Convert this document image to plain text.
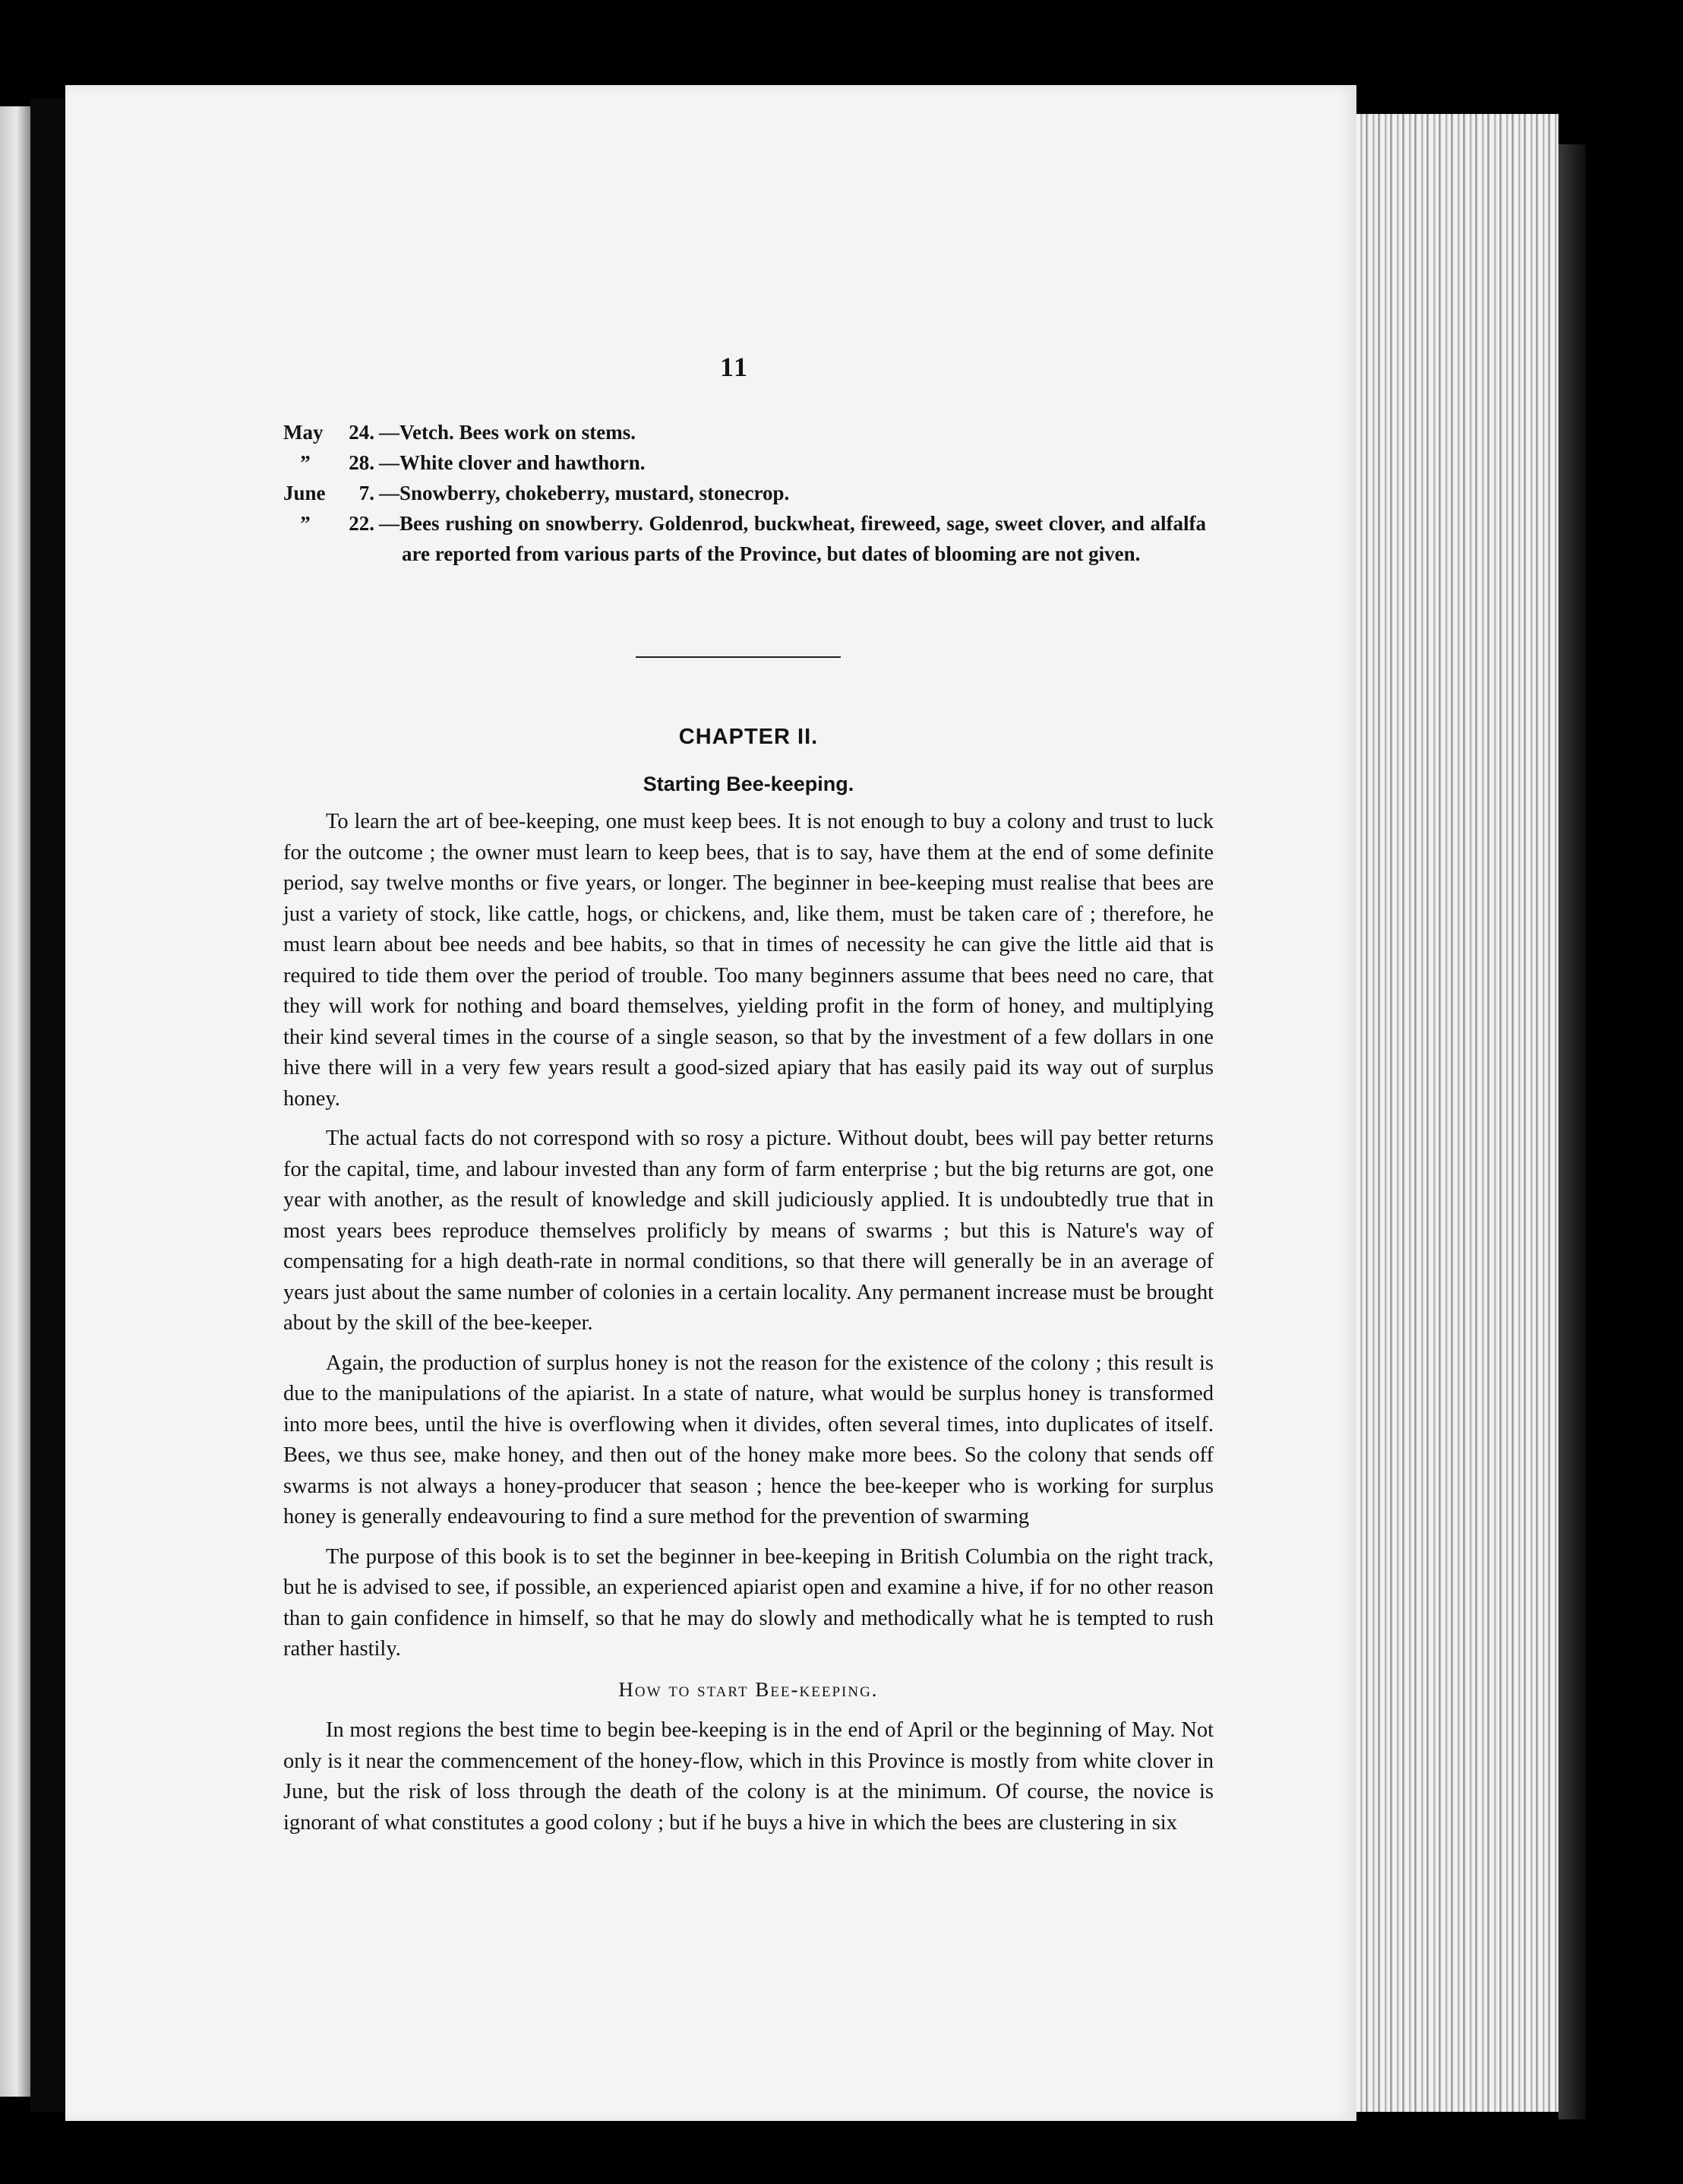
11
May	24. —Vetch. Bees work on stems.
”	28. —White clover and hawthorn.
June	7. —Snowberry, chokeberry, mustard, stonecrop.
”	22. —Bees rushing on snowberry. Goldenrod, buckwheat, fireweed, sage, sweet clover, and alfalfa are reported from various parts of the Province, but dates of blooming are not given.
CHAPTER II.
Starting Bee-keeping.

To learn the art of bee-keeping, one must keep bees. It is not enough to buy a colony and trust to luck for the outcome ; the owner must learn to keep bees, that is to say, have them at the end of some definite period, say twelve months or five years, or longer. The beginner in bee-keeping must realise that bees are just a variety of stock, like cattle, hogs, or chickens, and, like them, must be taken care of ; therefore, he must learn about bee needs and bee habits, so that in times of necessity he can give the little aid that is required to tide them over the period of trouble. Too many beginners assume that bees need no care, that they will work for nothing and board themselves, yielding profit in the form of honey, and multiplying their kind several times in the course of a single season, so that by the investment of a few dollars in one hive there will in a very few years result a good-sized apiary that has easily paid its way out of surplus honey.

The actual facts do not correspond with so rosy a picture. Without doubt, bees will pay better returns for the capital, time, and labour invested than any form of farm enterprise ; but the big returns are got, one year with another, as the result of knowledge and skill judiciously applied. It is undoubtedly true that in most years bees reproduce themselves prolificly by means of swarms ; but this is Nature's way of compensating for a high death-rate in normal conditions, so that there will generally be in an average of years just about the same number of colonies in a certain locality. Any permanent increase must be brought about by the skill of the bee-keeper.

Again, the production of surplus honey is not the reason for the existence of the colony ; this result is due to the manipulations of the apiarist. In a state of nature, what would be surplus honey is transformed into more bees, until the hive is overflowing when it divides, often several times, into duplicates of itself. Bees, we thus see, make honey, and then out of the honey make more bees. So the colony that sends off swarms is not always a honey-producer that season ; hence the bee-keeper who is working for surplus honey is generally endeavouring to find a sure method for the prevention of swarming

The purpose of this book is to set the beginner in bee-keeping in British Columbia on the right track, but he is advised to see, if possible, an experienced apiarist open and examine a hive, if for no other reason than to gain confidence in himself, so that he may do slowly and methodically what he is tempted to rush rather hastily.

How to start Bee-keeping.

In most regions the best time to begin bee-keeping is in the end of April or the beginning of May. Not only is it near the commencement of the honey-flow, which in this Province is mostly from white clover in June, but the risk of loss through the death of the colony is at the minimum. Of course, the novice is ignorant of what constitutes a good colony ; but if he buys a hive in which the bees are clustering in six
